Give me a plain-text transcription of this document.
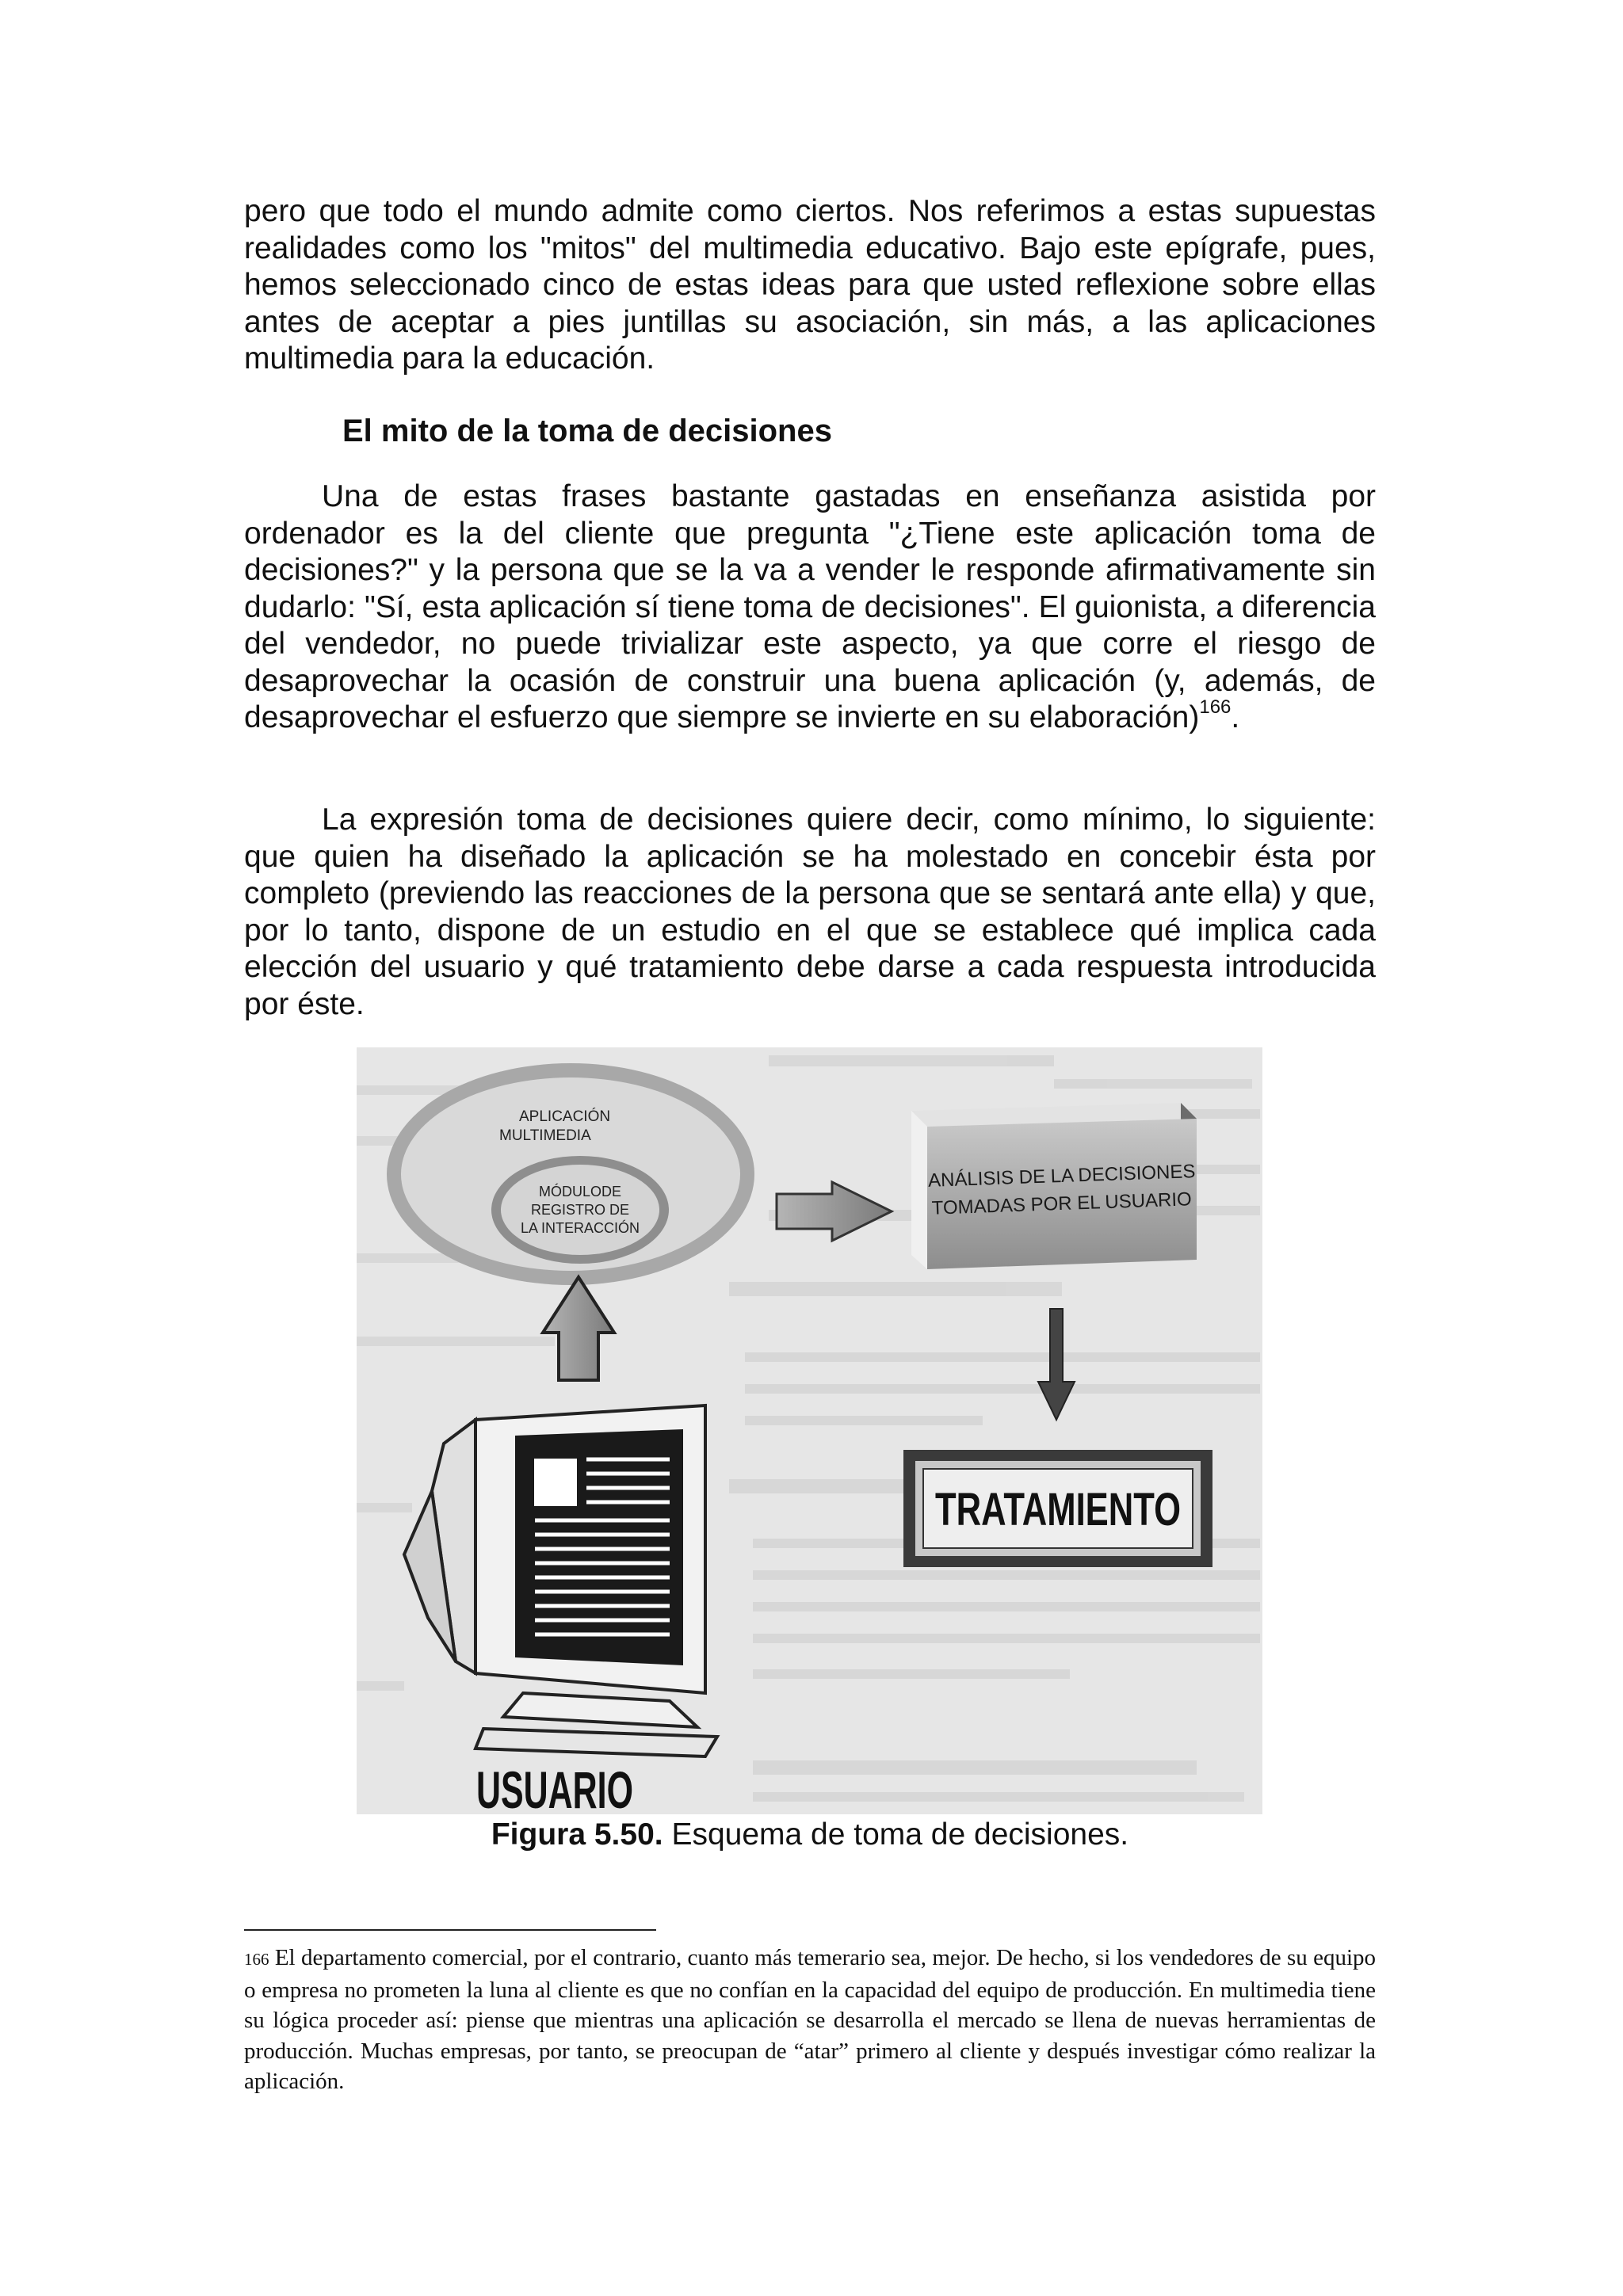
pero que todo el mundo admite como ciertos. Nos referimos a estas supuestas realidades como los "mitos" del multimedia educativo. Bajo este epígrafe, pues, hemos seleccionado cinco de estas ideas para que usted reflexione sobre ellas antes de aceptar a pies juntillas su asociación, sin más, a las aplicaciones multimedia para la educación.

El mito de la toma de decisiones

Una de estas frases bastante gastadas en enseñanza asistida por ordenador es la del cliente que pregunta "¿Tiene este aplicación toma de decisiones?" y la persona que se la va a vender le responde afirmativamente sin dudarlo: "Sí, esta aplicación sí tiene toma de decisiones". El guionista, a diferencia del vendedor, no puede trivializar este aspecto, ya que corre el riesgo de desaprovechar la ocasión de construir una buena aplicación (y, además, de desaprovechar el esfuerzo que siempre se invierte en su elaboración)$^{166}$.

La expresión toma de decisiones quiere decir, como mínimo, lo siguiente: que quien ha diseñado la aplicación se ha molestado en concebir ésta por completo (previendo las reacciones de la persona que se sentará ante ella) y que, por lo tanto, dispone de un estudio en el que se establece qué implica cada elección del usuario y qué tratamiento debe darse a cada respuesta introducida por éste.

APLICACIÓN
MULTIMEDIA
MÓDULODE
REGISTRO DE
LA INTERACCIÓN
ANÁLISIS DE LA DECISIONES
TOMADAS POR EL USUARIO
TRATAMIENTO
USUARIO
Figura 5.50. Esquema de toma de decisiones.

166 El departamento comercial, por el contrario, cuanto más temerario sea, mejor. De hecho, si los vendedores de su equipo o empresa no prometen la luna al cliente es que no confían en la capacidad del equipo de producción. En multimedia tiene su lógica proceder así: piense que mientras una aplicación se desarrolla el mercado se llena de nuevas herramientas de producción. Muchas empresas, por tanto, se preocupan de “atar” primero al cliente y después investigar cómo realizar la aplicación.
